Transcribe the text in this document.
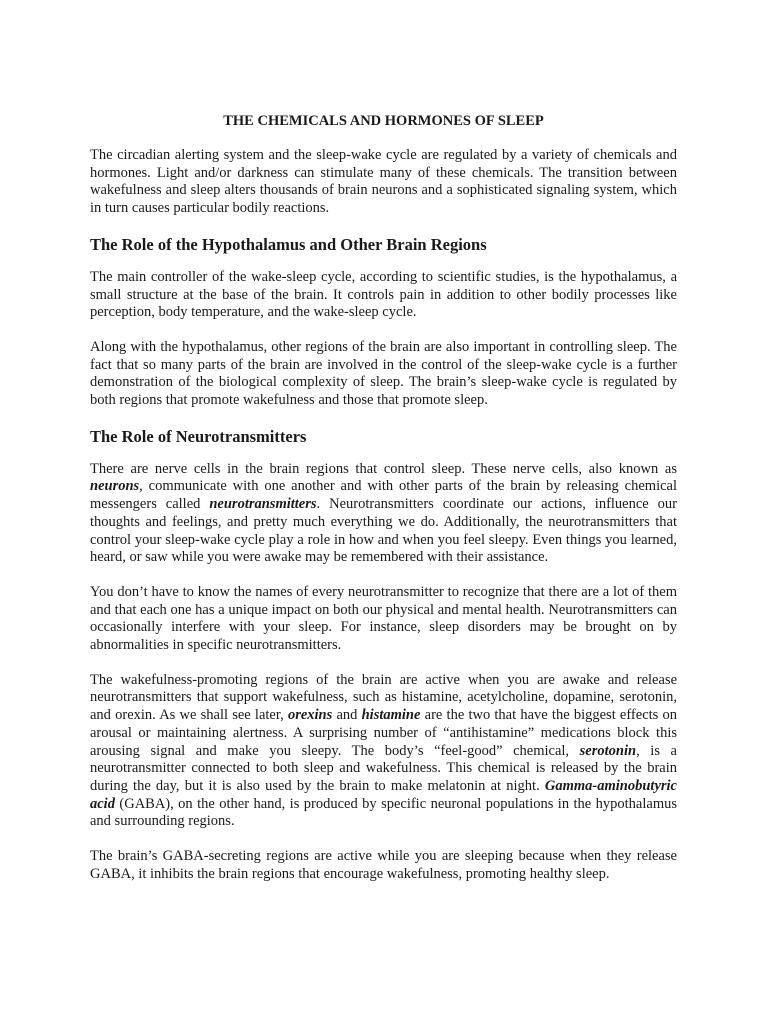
THE CHEMICALS AND HORMONES OF SLEEP

The circadian alerting system and the sleep-wake cycle are regulated by a variety of chemicals and hormones. Light and/or darkness can stimulate many of these chemicals. The transition between wakefulness and sleep alters thousands of brain neurons and a sophisticated signaling system, which in turn causes particular bodily reactions.

The Role of the Hypothalamus and Other Brain Regions

The main controller of the wake-sleep cycle, according to scientific studies, is the hypothalamus, a small structure at the base of the brain. It controls pain in addition to other bodily processes like perception, body temperature, and the wake-sleep cycle.

Along with the hypothalamus, other regions of the brain are also important in controlling sleep. The fact that so many parts of the brain are involved in the control of the sleep-wake cycle is a further demonstration of the biological complexity of sleep. The brain’s sleep-wake cycle is regulated by both regions that promote wakefulness and those that promote sleep.

The Role of Neurotransmitters

There are nerve cells in the brain regions that control sleep. These nerve cells, also known as neurons, communicate with one another and with other parts of the brain by releasing chemical messengers called neurotransmitters. Neurotransmitters coordinate our actions, influence our thoughts and feelings, and pretty much everything we do. Additionally, the neurotransmitters that control your sleep-wake cycle play a role in how and when you feel sleepy. Even things you learned, heard, or saw while you were awake may be remembered with their assistance.

You don’t have to know the names of every neurotransmitter to recognize that there are a lot of them and that each one has a unique impact on both our physical and mental health. Neurotransmitters can occasionally interfere with your sleep. For instance, sleep disorders may be brought on by abnormalities in specific neurotransmitters.

The wakefulness-promoting regions of the brain are active when you are awake and release neurotransmitters that support wakefulness, such as histamine, acetylcholine, dopamine, serotonin, and orexin. As we shall see later, orexins and histamine are the two that have the biggest effects on arousal or maintaining alertness. A surprising number of “antihistamine” medications block this arousing signal and make you sleepy. The body’s “feel-good” chemical, serotonin, is a neurotransmitter connected to both sleep and wakefulness. This chemical is released by the brain during the day, but it is also used by the brain to make melatonin at night. Gamma-aminobutyric acid (GABA), on the other hand, is produced by specific neuronal populations in the hypothalamus and surrounding regions.

The brain’s GABA-secreting regions are active while you are sleeping because when they release GABA, it inhibits the brain regions that encourage wakefulness, promoting healthy sleep.
